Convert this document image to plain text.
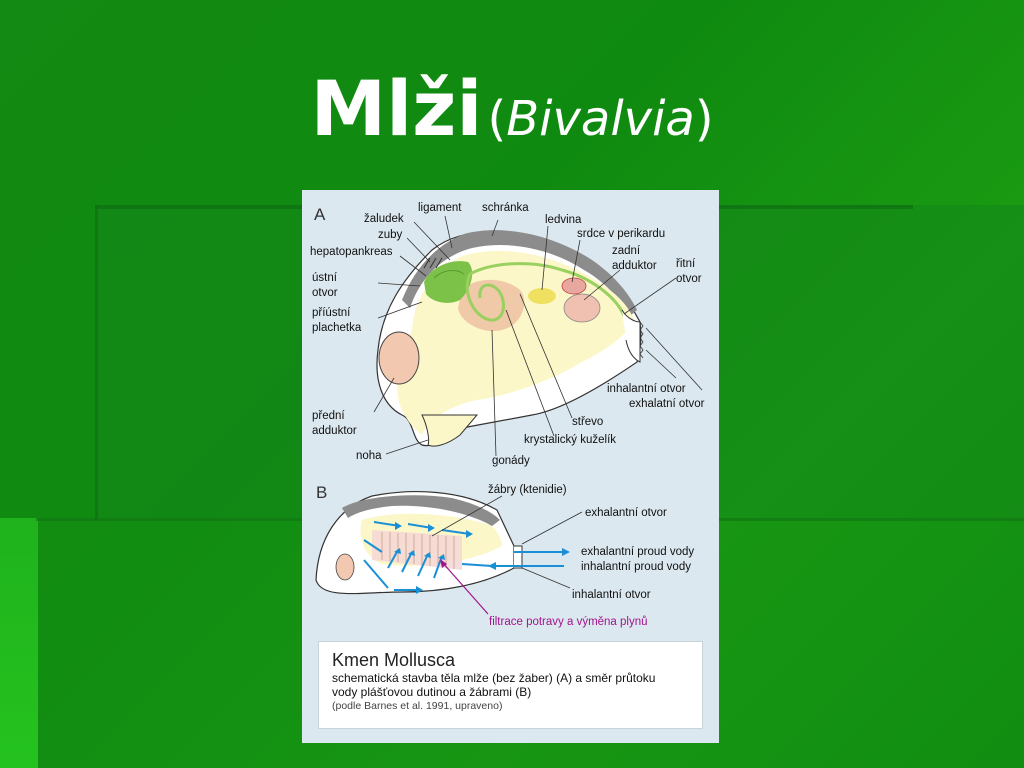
Mlži (Bivalvia)
A	ligament schránka
žaludek	ledvina
zuby	srdce v perikardu
hepatopankreas	zadní
adduktor řitní
otvor
ústní
otvor
příústní
plachetka
inhalantní otvor
exhalatní otvor
přední
adduktor
střevo
krystalický kuželík
noha	gonády
B	žábry (ktenidie)
exhalantní otvor
exhalantní proud vody
inhalantní proud vody
inhalantní otvor
filtrace potravy a výměna plynů
Kmen Mollusca
schematická stavba těla mlže (bez žaber) (A) a směr průtoku
vody plášťovou dutinou a žábrami (B)
(podle Barnes et al. 1991, upraveno)
